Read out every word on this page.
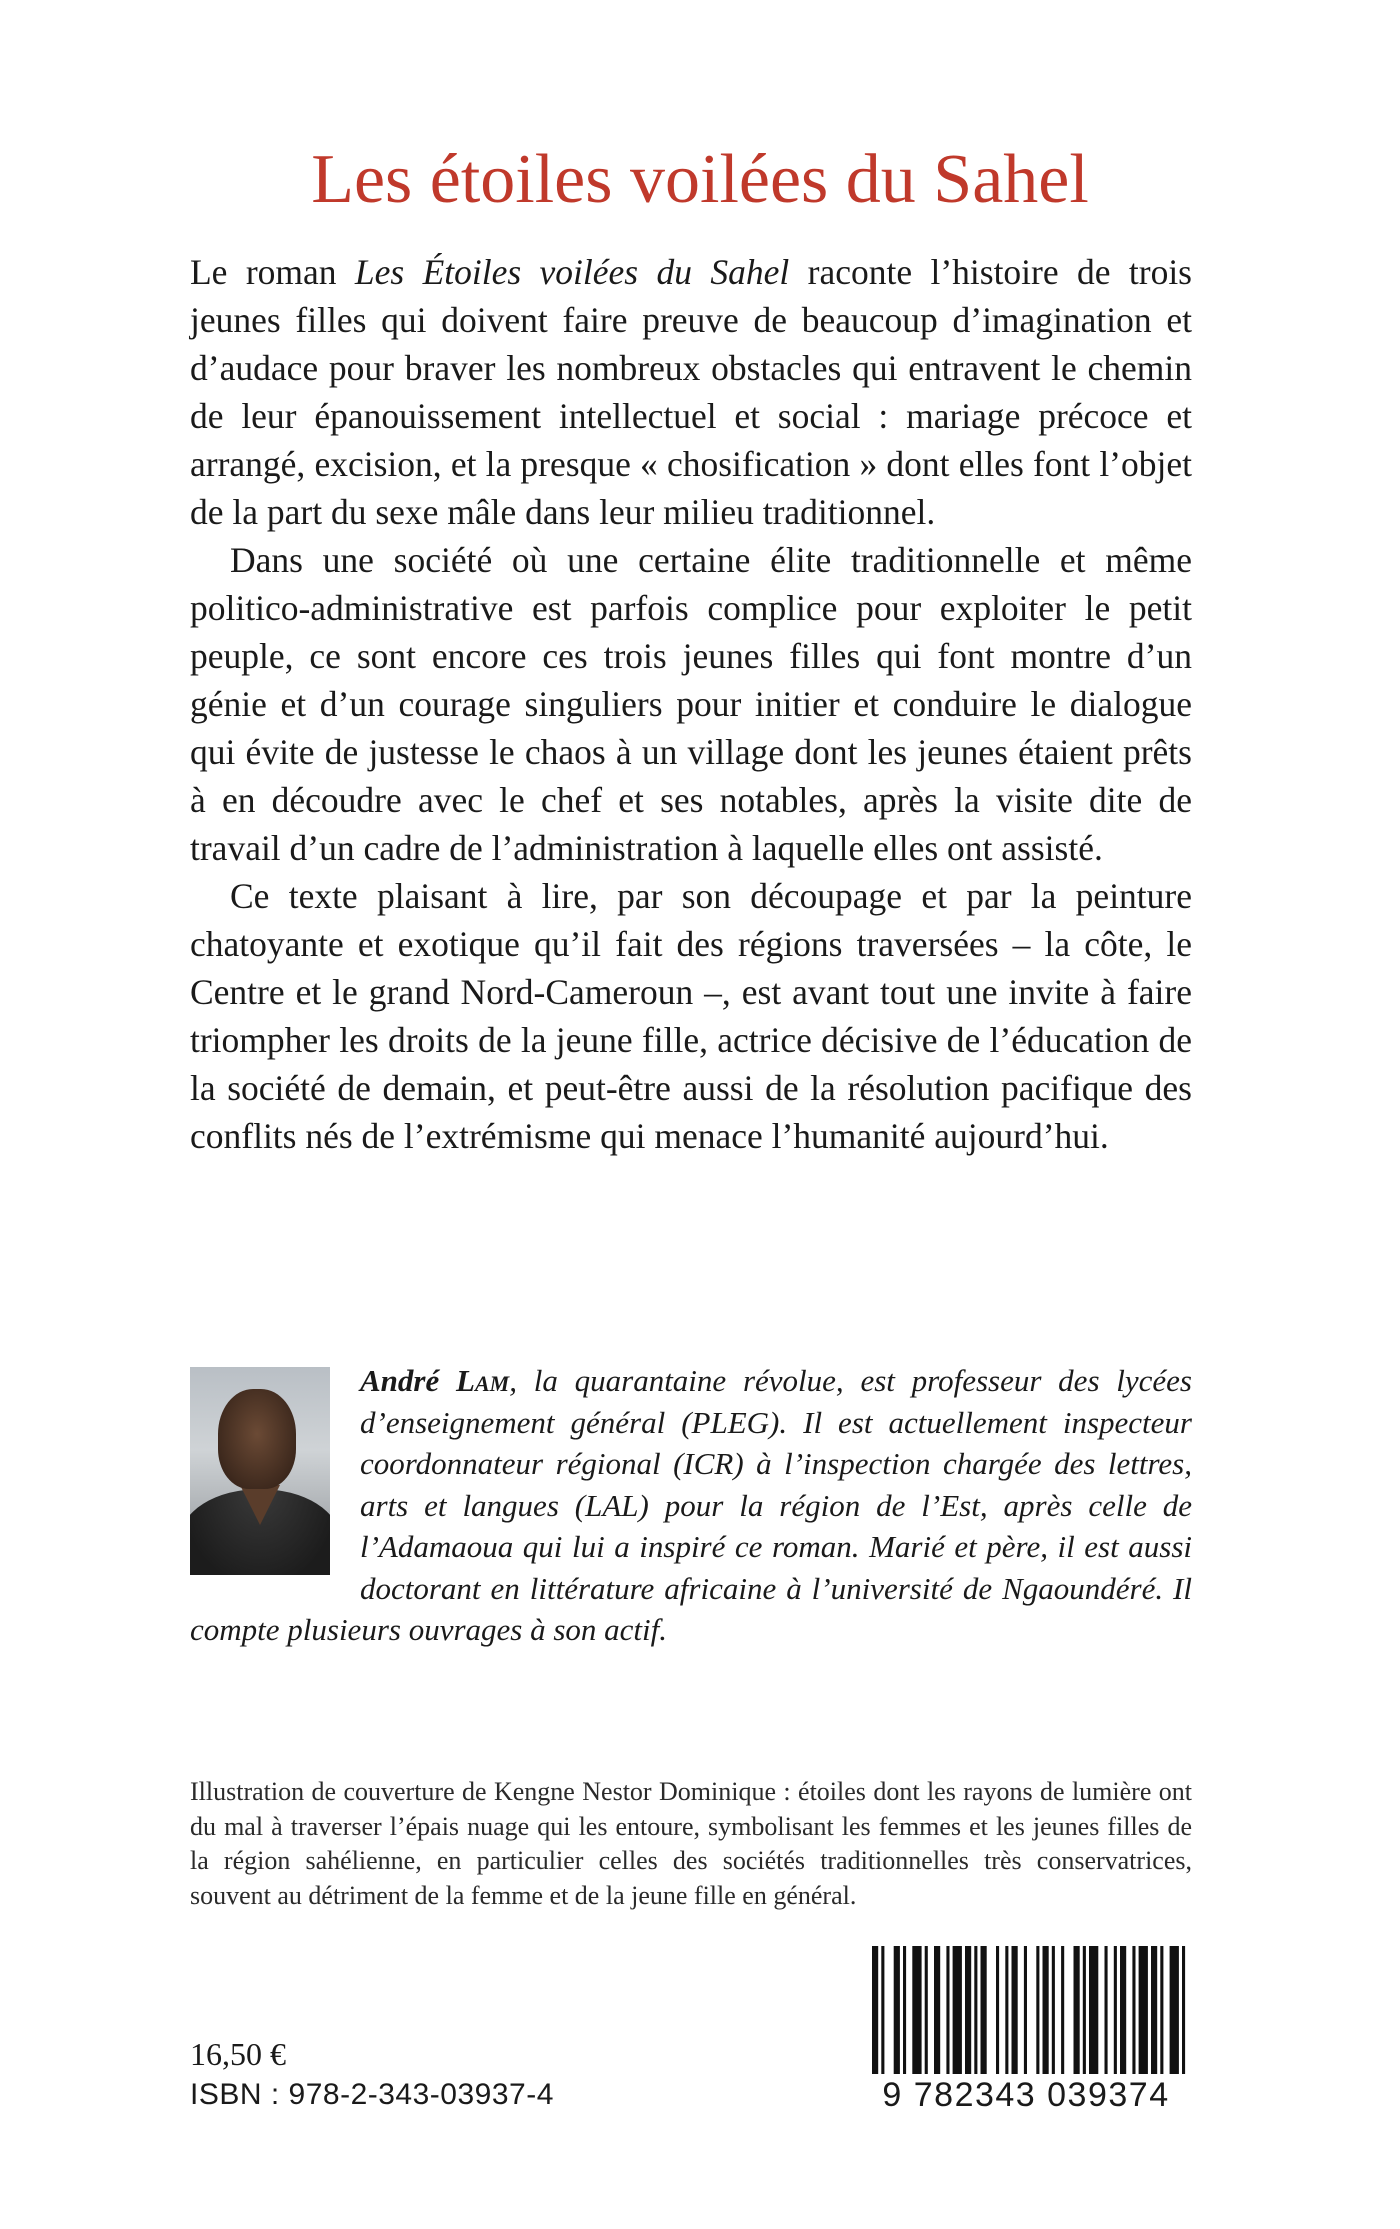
Les étoiles voilées du Sahel

Le roman Les Étoiles voilées du Sahel raconte l’histoire de trois jeunes filles qui doivent faire preuve de beaucoup d’imagination et d’audace pour braver les nombreux obstacles qui entravent le chemin de leur épanouissement intellectuel et social : mariage précoce et arrangé, excision, et la presque « chosification » dont elles font l’objet de la part du sexe mâle dans leur milieu traditionnel.

Dans une société où une certaine élite traditionnelle et même politico-administrative est parfois complice pour exploiter le petit peuple, ce sont encore ces trois jeunes filles qui font montre d’un génie et d’un courage singuliers pour initier et conduire le dialogue qui évite de justesse le chaos à un village dont les jeunes étaient prêts à en découdre avec le chef et ses notables, après la visite dite de travail d’un cadre de l’administration à laquelle elles ont assisté.

Ce texte plaisant à lire, par son découpage et par la peinture chatoyante et exotique qu’il fait des régions traversées – la côte, le Centre et le grand Nord-Cameroun –, est avant tout une invite à faire triompher les droits de la jeune fille, actrice décisive de l’éducation de la société de demain, et peut-être aussi de la résolution pacifique des conflits nés de l’extrémisme qui menace l’humanité aujourd’hui.

André Lam, la quarantaine révolue, est professeur des lycées d’enseignement général (PLEG). Il est actuellement inspecteur coordonnateur régional (ICR) à l’inspection chargée des lettres, arts et langues (LAL) pour la région de l’Est, après celle de l’Adamaoua qui lui a inspiré ce roman. Marié et père, il est aussi doctorant en littérature africaine à l’université de Ngaoundéré. Il compte plusieurs ouvrages à son actif.
Illustration de couverture de Kengne Nestor Dominique : étoiles dont les rayons de lumière ont du mal à traverser l’épais nuage qui les entoure, symbolisant les femmes et les jeunes filles de la région sahélienne, en particulier celles des sociétés traditionnelles très conservatrices, souvent au détriment de la femme et de la jeune fille en général.
16,50 €
ISBN : 978-2-343-03937-4	9 782343 039374
